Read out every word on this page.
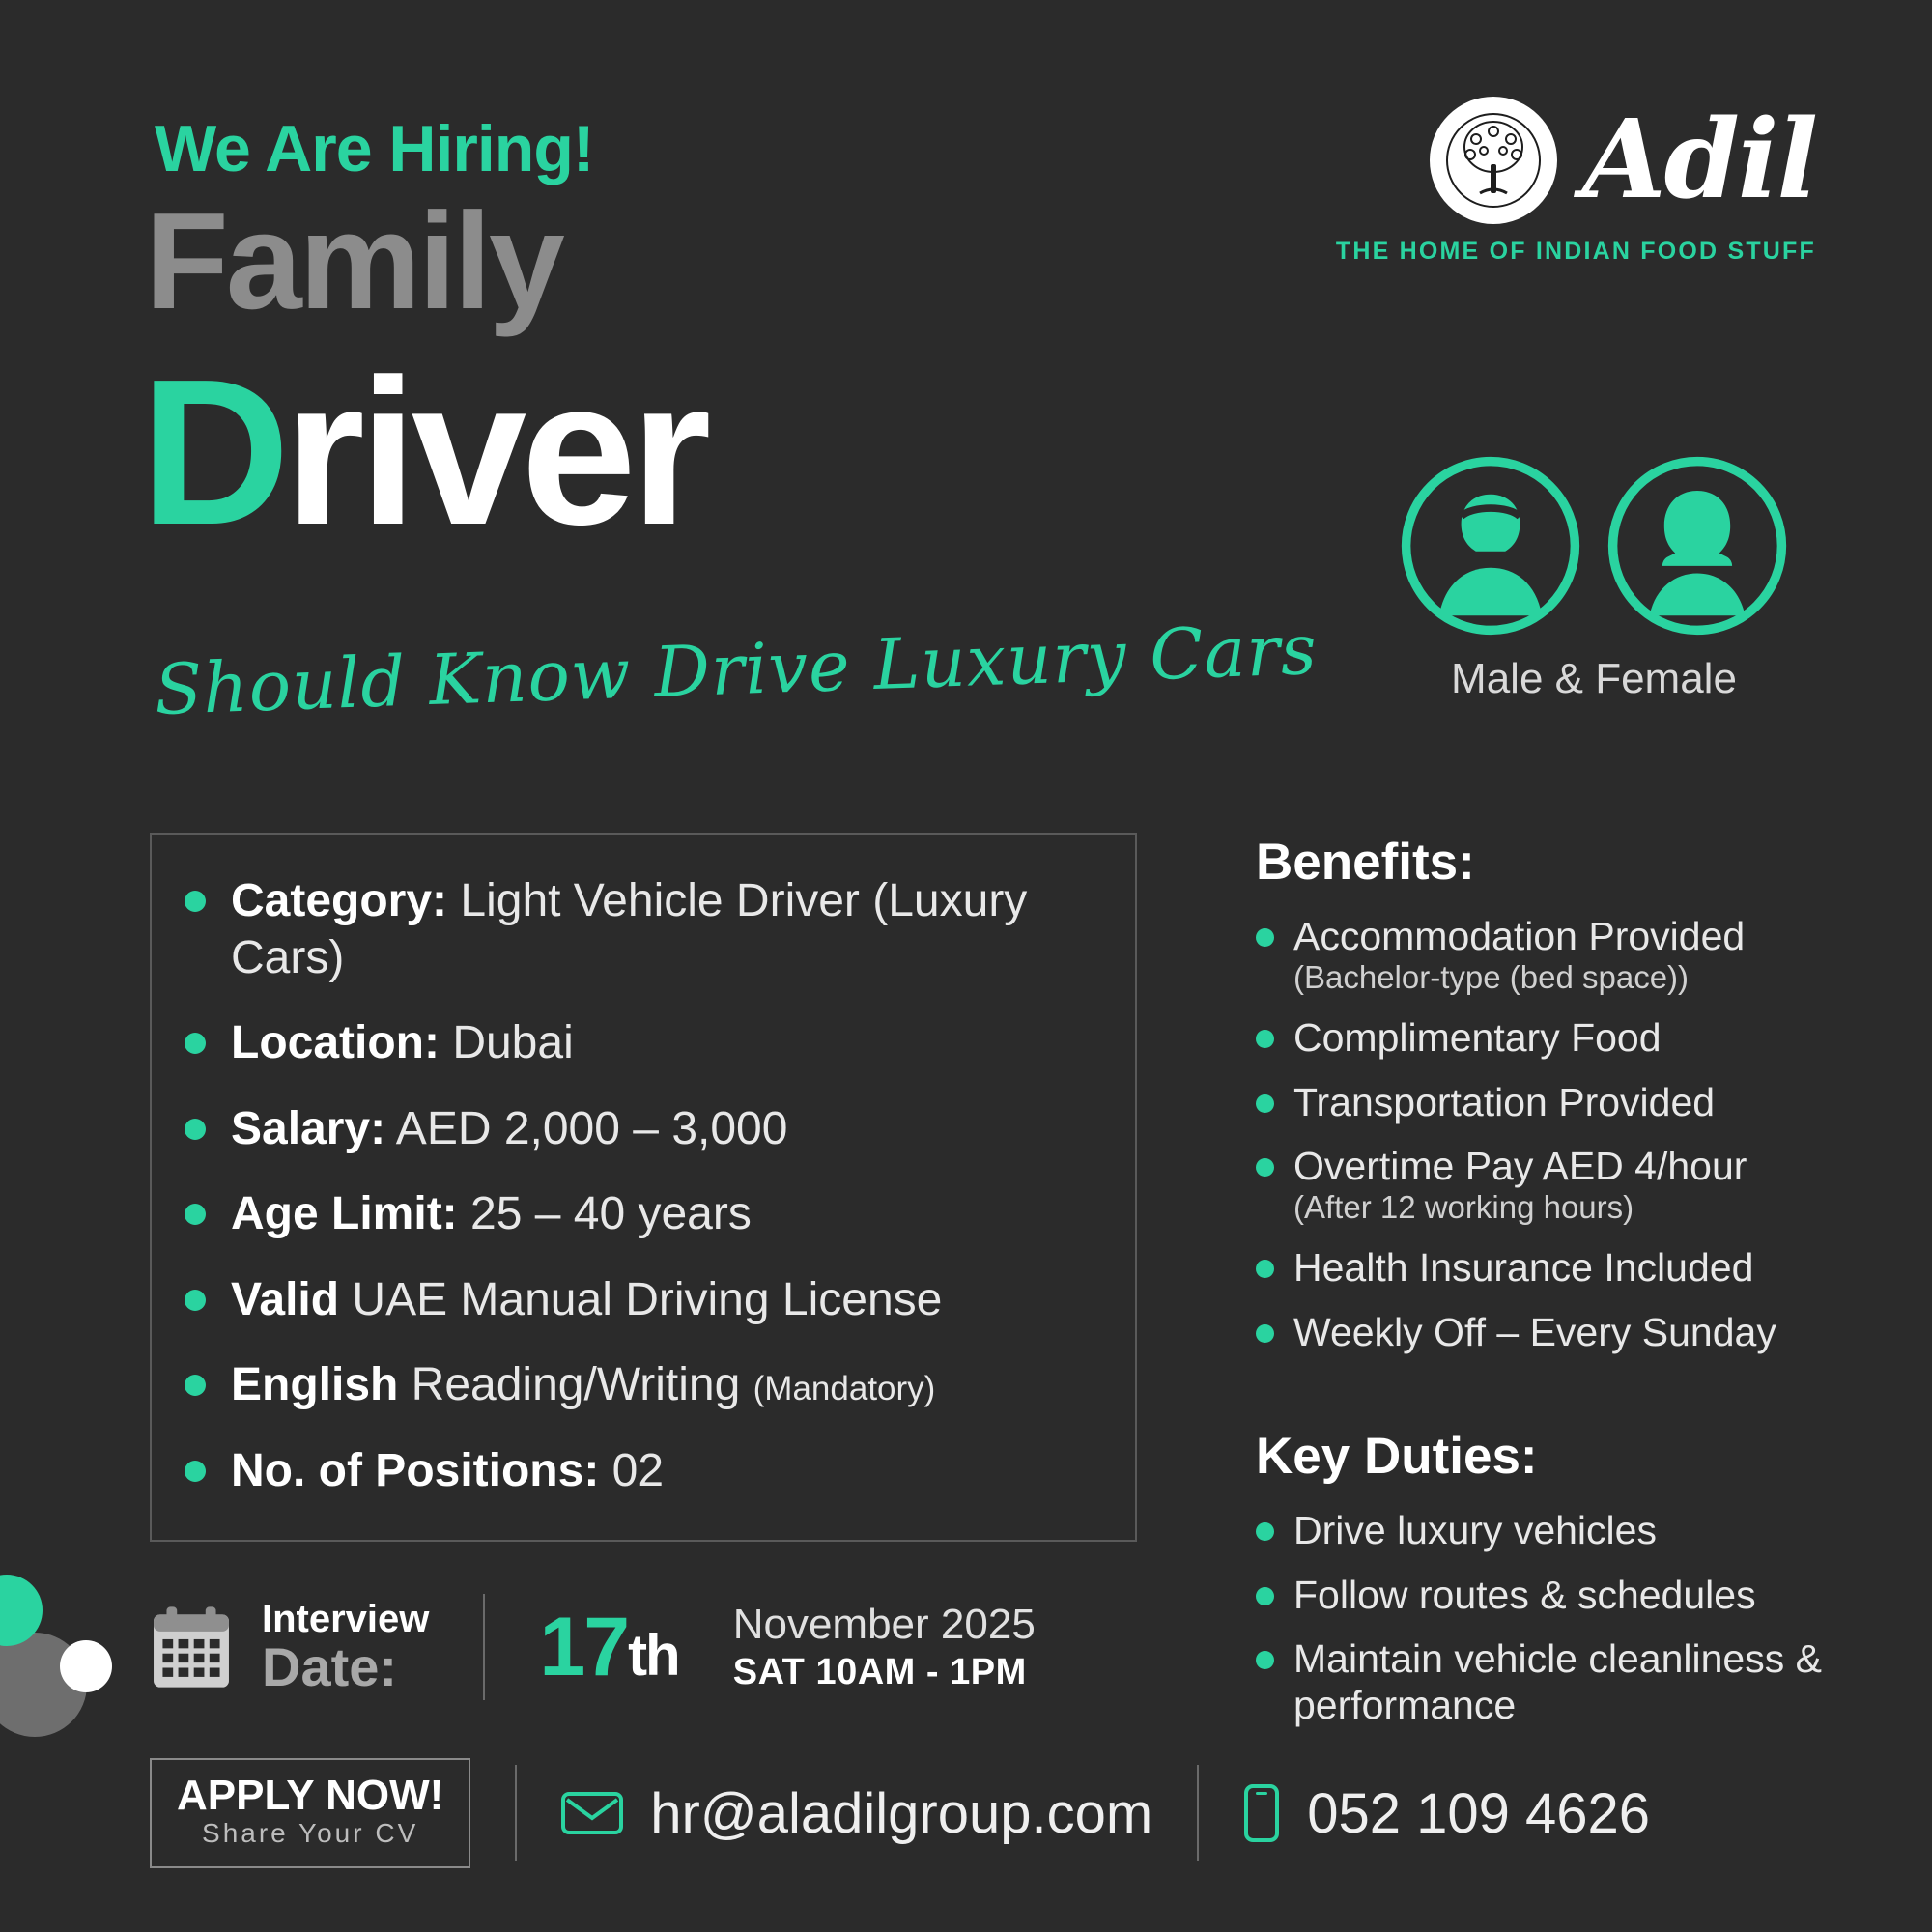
We Are Hiring!
Family
Driver
Should Know Drive Luxury Cars
Adil
THE HOME OF INDIAN FOOD STUFF
Male & Female
Category: Light Vehicle Driver (Luxury Cars)
Location: Dubai
Salary: AED 2,000 – 3,000
Age Limit: 25 – 40 years
Valid UAE Manual Driving License
English Reading/Writing (Mandatory)
No. of Positions: 02
Benefits:
Accommodation Provided
(Bachelor-type (bed space))
Complimentary Food
Transportation Provided
Overtime Pay AED 4/hour
(After 12 working hours)
Health Insurance Included
Weekly Off – Every Sunday
Key Duties:
Drive luxury vehicles
Follow routes & schedules
Maintain vehicle cleanliness & performance
Interview
Date:	17th November 2025
SAT 10AM - 1PM
APPLY NOW!
Share Your CV	hr@aladilgroup.com	052 109 4626
